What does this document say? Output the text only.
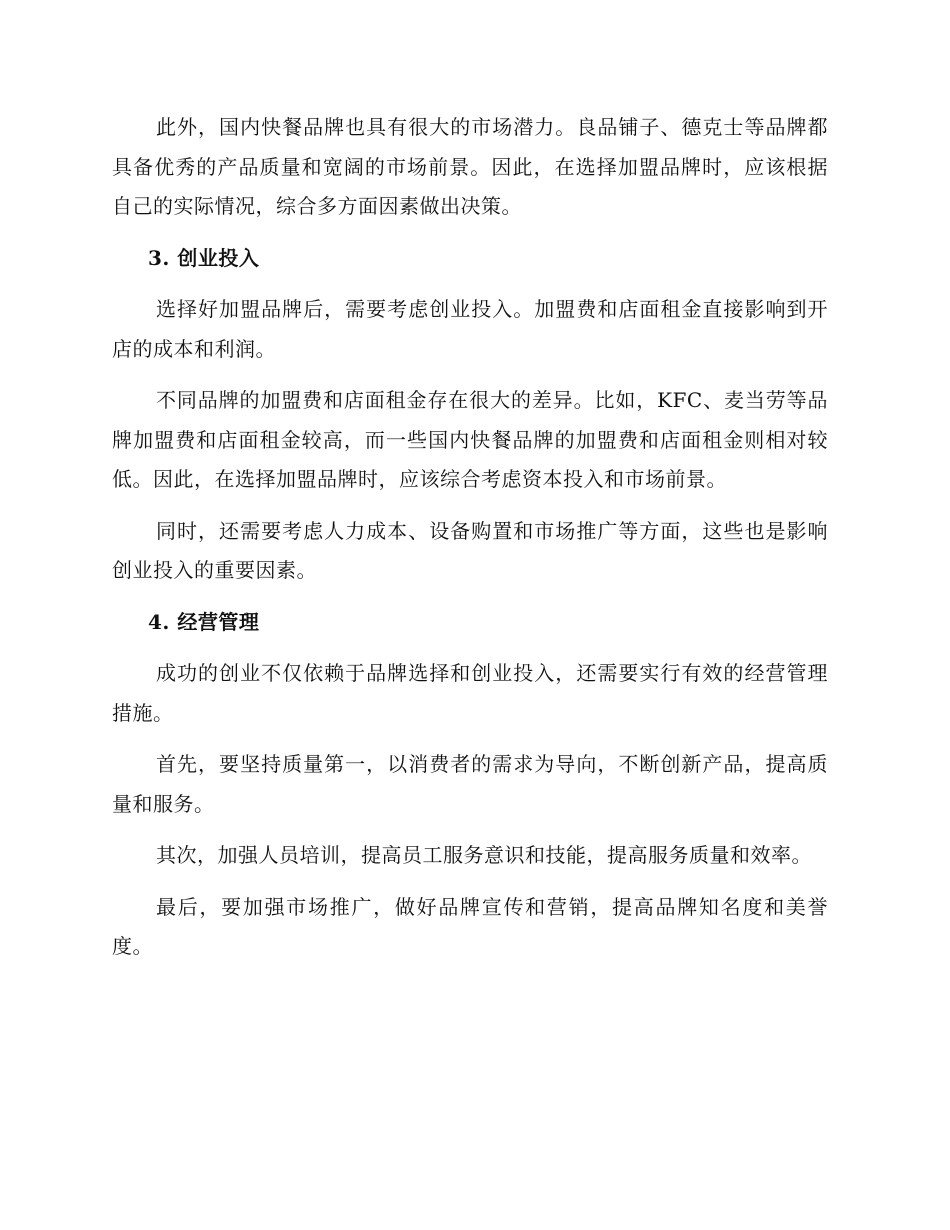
此外，国内快餐品牌也具有很大的市场潜力。良品铺子、德克士等品牌都具备优秀的产品质量和宽阔的市场前景。因此，在选择加盟品牌时，应该根据自己的实际情况，综合多方面因素做出决策。

3. 创业投入

选择好加盟品牌后，需要考虑创业投入。加盟费和店面租金直接影响到开店的成本和利润。

不同品牌的加盟费和店面租金存在很大的差异。比如，KFC、麦当劳等品牌加盟费和店面租金较高，而一些国内快餐品牌的加盟费和店面租金则相对较低。因此，在选择加盟品牌时，应该综合考虑资本投入和市场前景。

同时，还需要考虑人力成本、设备购置和市场推广等方面，这些也是影响创业投入的重要因素。

4. 经营管理

成功的创业不仅依赖于品牌选择和创业投入，还需要实行有效的经营管理措施。

首先，要坚持质量第一，以消费者的需求为导向，不断创新产品，提高质量和服务。

其次，加强人员培训，提高员工服务意识和技能，提高服务质量和效率。

最后，要加强市场推广，做好品牌宣传和营销，提高品牌知名度和美誉度。
